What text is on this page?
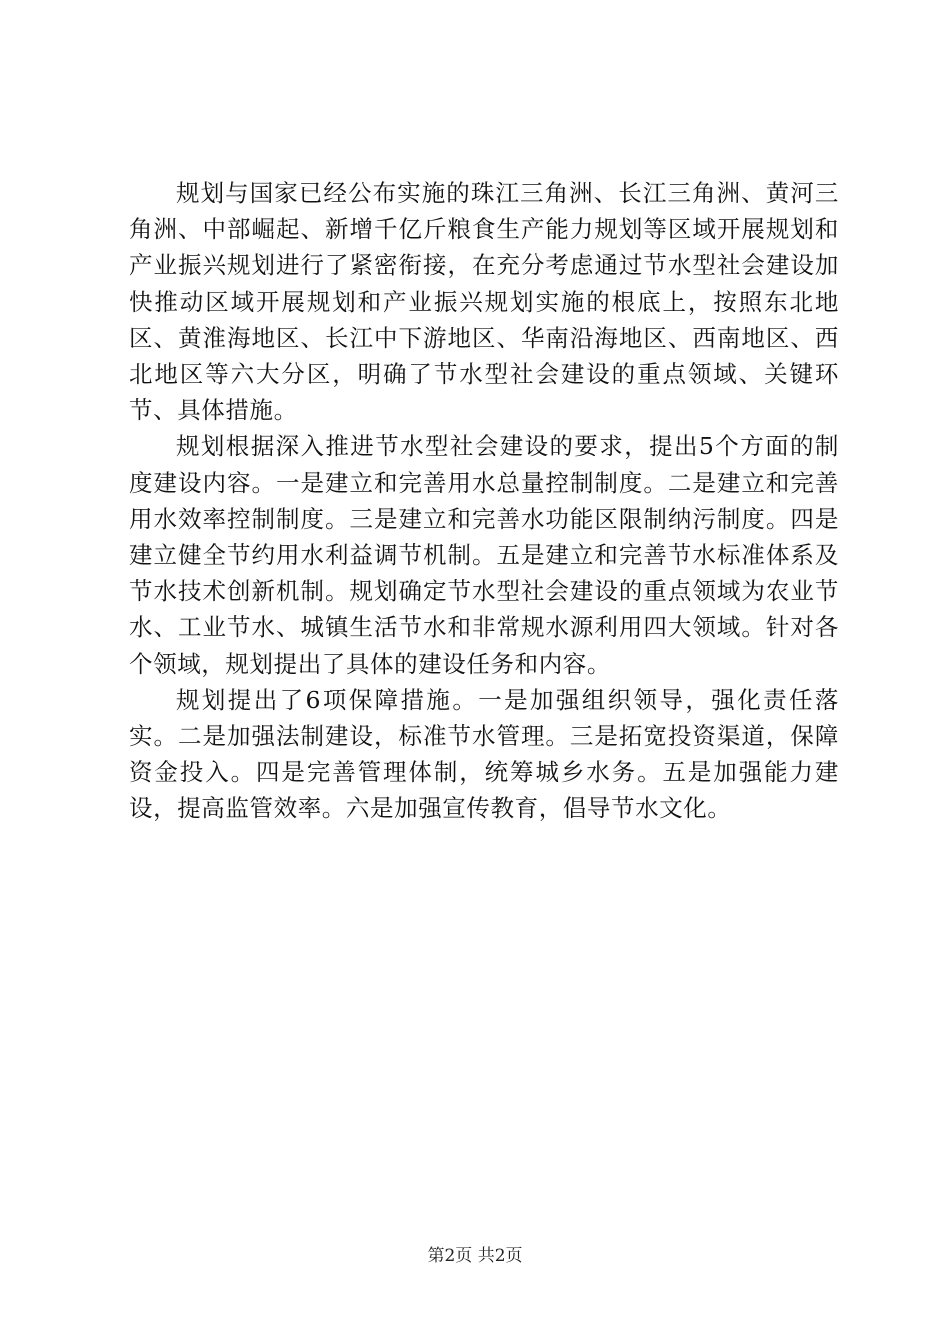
规划与国家已经公布实施的珠江三角洲、长江三角洲、黄河三角洲、中部崛起、新增千亿斤粮食生产能力规划等区域开展规划和产业振兴规划进行了紧密衔接，在充分考虑通过节水型社会建设加快推动区域开展规划和产业振兴规划实施的根底上，按照东北地区、黄淮海地区、长江中下游地区、华南沿海地区、西南地区、西北地区等六大分区，明确了节水型社会建设的重点领域、关键环节、具体措施。

规划根据深入推进节水型社会建设的要求，提出5个方面的制度建设内容。一是建立和完善用水总量控制制度。二是建立和完善用水效率控制制度。三是建立和完善水功能区限制纳污制度。四是建立健全节约用水利益调节机制。五是建立和完善节水标准体系及节水技术创新机制。规划确定节水型社会建设的重点领域为农业节水、工业节水、城镇生活节水和非常规水源利用四大领域。针对各个领域，规划提出了具体的建设任务和内容。

规划提出了6项保障措施。一是加强组织领导，强化责任落实。二是加强法制建设，标准节水管理。三是拓宽投资渠道，保障资金投入。四是完善管理体制，统筹城乡水务。五是加强能力建设，提高监管效率。六是加强宣传教育，倡导节水文化。

第2页 共2页
